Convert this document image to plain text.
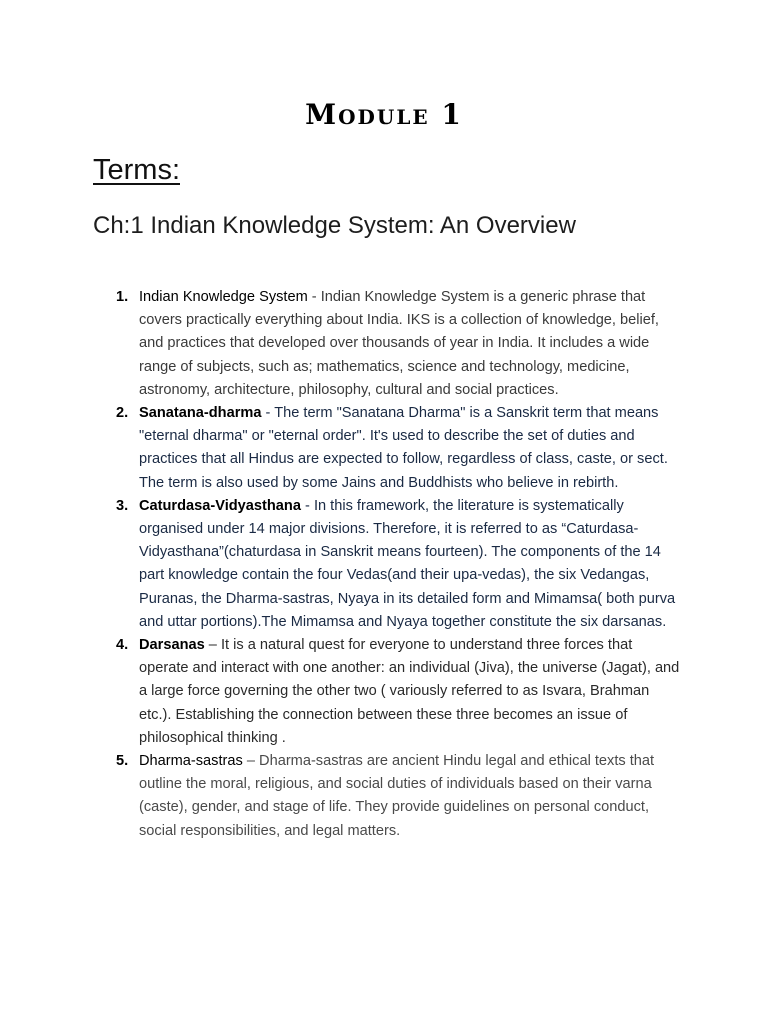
Module 1
Terms:
Ch:1 Indian Knowledge System: An Overview
1. Indian Knowledge System - Indian Knowledge System is a generic phrase that covers practically everything about India. IKS is a collection of knowledge, belief, and practices that developed over thousands of year in India. It includes a wide range of subjects, such as; mathematics, science and technology, medicine, astronomy, architecture, philosophy, cultural and social practices.
2. Sanatana-dharma - The term "Sanatana Dharma" is a Sanskrit term that means "eternal dharma" or "eternal order". It's used to describe the set of duties and practices that all Hindus are expected to follow, regardless of class, caste, or sect. The term is also used by some Jains and Buddhists who believe in rebirth.
3. Caturdasa-Vidyasthana - In this framework, the literature is systematically organised under 14 major divisions. Therefore, it is referred to as “Caturdasa-Vidyasthana”(chaturdasa in Sanskrit means fourteen). The components of the 14 part knowledge contain the four Vedas(and their upa-vedas), the six Vedangas, Puranas, the Dharma-sastras, Nyaya in its detailed form and Mimamsa( both purva and uttar portions).The Mimamsa and Nyaya together constitute the six darsanas.
4. Darsanas – It is a natural quest for everyone to understand three forces that operate and interact with one another: an individual (Jiva), the universe (Jagat), and a large force governing the other two ( variously referred to as Isvara, Brahman etc.). Establishing the connection between these three becomes an issue of philosophical thinking .
5. Dharma-sastras – Dharma-sastras are ancient Hindu legal and ethical texts that outline the moral, religious, and social duties of individuals based on their varna (caste), gender, and stage of life. They provide guidelines on personal conduct, social responsibilities, and legal matters.
